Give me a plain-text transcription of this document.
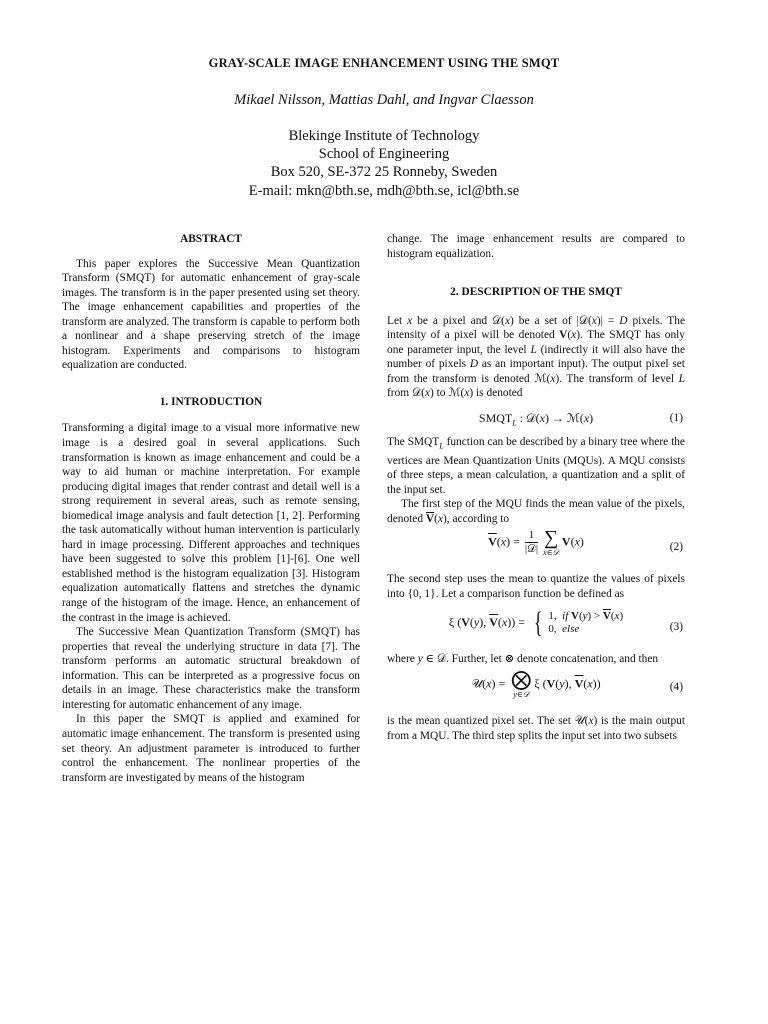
GRAY-SCALE IMAGE ENHANCEMENT USING THE SMQT
Mikael Nilsson, Mattias Dahl, and Ingvar Claesson
Blekinge Institute of Technology
School of Engineering
Box 520, SE-372 25 Ronneby, Sweden
E-mail: mkn@bth.se, mdh@bth.se, icl@bth.se
ABSTRACT

This paper explores the Successive Mean Quantization Transform (SMQT) for automatic enhancement of gray-scale images. The transform is in the paper presented using set theory. The image enhancement capabilities and properties of the transform are analyzed. The transform is capable to perform both a nonlinear and a shape preserving stretch of the image histogram. Experiments and comparisons to histogram equalization are conducted.

1. INTRODUCTION

Transforming a digital image to a visual more informative new image is a desired goal in several applications. Such transformation is known as image enhancement and could be a way to aid human or machine interpretation. For example producing digital images that render contrast and detail well is a strong requirement in several areas, such as remote sensing, biomedical image analysis and fault detection [1, 2]. Performing the task automatically without human intervention is particularly hard in image processing. Different approaches and techniques have been suggested to solve this problem [1]-[6]. One well established method is the histogram equalization [3]. Histogram equalization automatically flattens and stretches the dynamic range of the histogram of the image. Hence, an enhancement of the contrast in the image is achieved.

The Successive Mean Quantization Transform (SMQT) has properties that reveal the underlying structure in data [7]. The transform performs an automatic structural breakdown of information. This can be interpreted as a progressive focus on details in an image. These characteristics make the transform interesting for automatic enhancement of any image.

In this paper the SMQT is applied and examined for automatic image enhancement. The transform is presented using set theory. An adjustment parameter is introduced to further control the enhancement. The nonlinear properties of the transform are investigated by means of the histogram

change. The image enhancement results are compared to histogram equalization.

2. DESCRIPTION OF THE SMQT

Let x be a pixel and 𝒟(x) be a set of |𝒟(x)| = D pixels. The intensity of a pixel will be denoted V(x). The SMQT has only one parameter input, the level L (indirectly it will also have the number of pixels D as an important input). The output pixel set from the transform is denoted ℳ(x). The transform of level L from 𝒟(x) to ℳ(x) is denoted

$SMQT_L$ : 𝒟(x) → ℳ(x)	(1)

The $SMQT_L$ function can be described by a binary tree where the vertices are Mean Quantization Units (MQUs). A MQU consists of three steps, a mean calculation, a quantization and a split of the input set.

The first step of the MQU finds the mean value of the pixels, denoted $\overline{V}(x)$, according to

$\overline{V}(x) = \frac{1}{\text{|𝒟|}}$ ∑
x∈𝒟
V(x)	(2)

The second step uses the mean to quantize the values of pixels into {0, 1}. Let a comparison function be defined as

ξ (V(y), $\overline{V}(x)$) = { 1,  if $V(y) > \overline{V}(x)$
0,  else	(3)

where y ∈ 𝒟. Further, let ⊗ denote concatenation, and then

𝒰(x) = ⨂
y∈𝒟
ξ (V(y), $\overline{V}(x)$)	(4)

is the mean quantized pixel set. The set 𝒰(x) is the main output from a MQU. The third step splits the input set into two subsets
